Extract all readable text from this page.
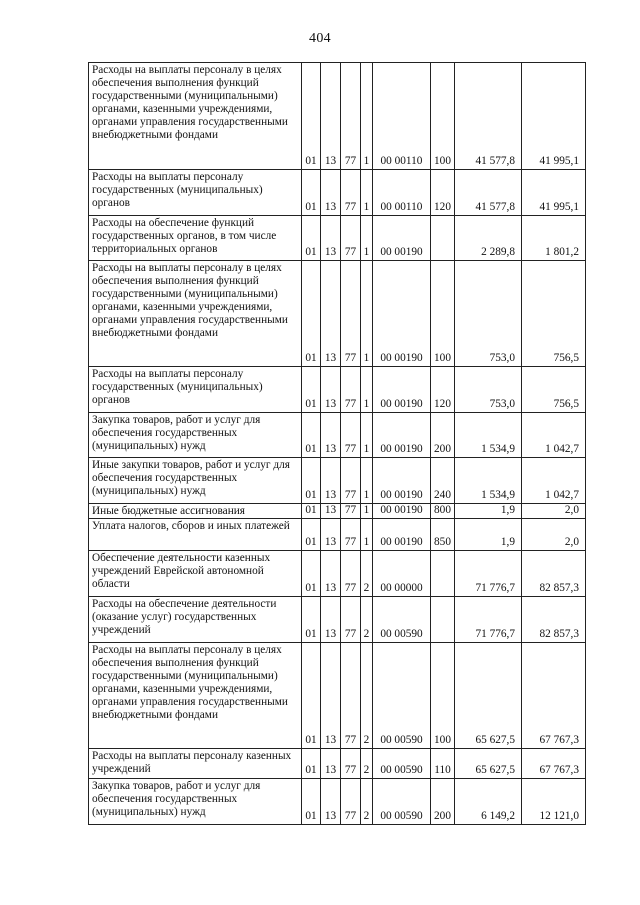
404
Расходы на выплаты персоналу в целях обеспечения выполнения функций государственными (муниципальными) органами, казенными учреждениями, органами управления государственными внебюджетными фондами	01	13	77	1	00 00110	100	41 577,8	41 995,1
Расходы на выплаты персоналу государственных (муниципальных) органов	01	13	77	1	00 00110	120	41 577,8	41 995,1
Расходы на обеспечение функций государственных органов, в том числе территориальных органов	01	13	77	1	00 00190		2 289,8	1 801,2
Расходы на выплаты персоналу в целях обеспечения выполнения функций государственными (муниципальными) органами, казенными учреждениями, органами управления государственными внебюджетными фондами	01	13	77	1	00 00190	100	753,0	756,5
Расходы на выплаты персоналу государственных (муниципальных) органов	01	13	77	1	00 00190	120	753,0	756,5
Закупка товаров, работ и услуг для обеспечения государственных (муниципальных) нужд	01	13	77	1	00 00190	200	1 534,9	1 042,7
Иные закупки товаров, работ и услуг для обеспечения государственных (муниципальных) нужд	01	13	77	1	00 00190	240	1 534,9	1 042,7
Иные бюджетные ассигнования	01	13	77	1	00 00190	800	1,9	2,0
Уплата налогов, сборов и иных платежей	01	13	77	1	00 00190	850	1,9	2,0
Обеспечение деятельности казенных учреждений Еврейской автономной области	01	13	77	2	00 00000		71 776,7	82 857,3
Расходы на обеспечение деятельности (оказание услуг) государственных учреждений	01	13	77	2	00 00590		71 776,7	82 857,3
Расходы на выплаты персоналу в целях обеспечения выполнения функций государственными (муниципальными) органами, казенными учреждениями, органами управления государственными внебюджетными фондами	01	13	77	2	00 00590	100	65 627,5	67 767,3
Расходы на выплаты персоналу казенных учреждений	01	13	77	2	00 00590	110	65 627,5	67 767,3
Закупка товаров, работ и услуг для обеспечения государственных (муниципальных) нужд	01	13	77	2	00 00590	200	6 149,2	12 121,0
